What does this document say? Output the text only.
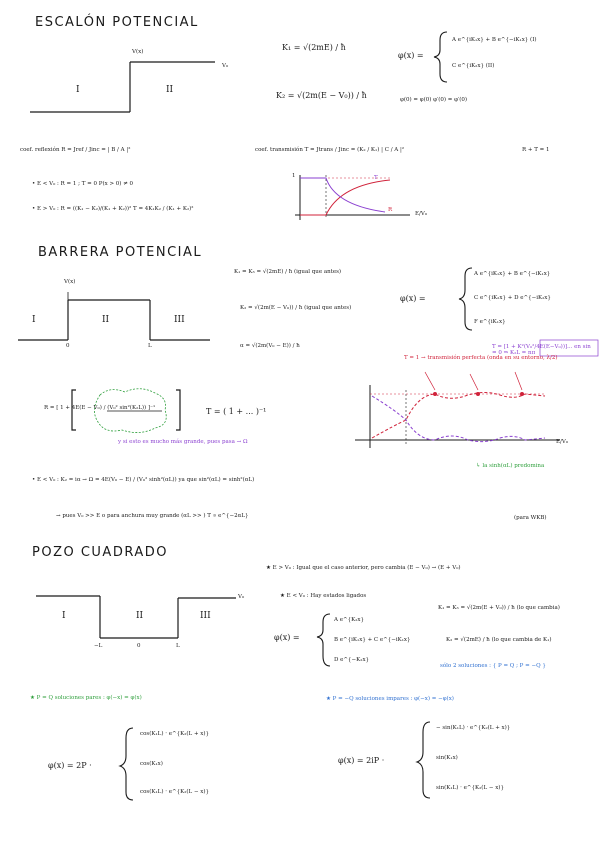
ESCALÓN POTENCIAL
V(x)
I	II
V₀
K₁ = √(2mE) / ħ
K₂ = √(2m(E − V₀)) / ħ
φ(x) =
A e^{iK₁x} + B e^{−iK₁x} (I)
C e^{iK₂x} (II)
φ(0) = φ(0) φ′(0) = φ′(0)
coef. reflexión R = Jref / Jinc = | B / A |²	coef. transmisión T = Jtrans / Jinc = (K₂ / K₁) | C / A |²	R + T = 1
• E < V₀ : R = 1 ; T = 0 P(x > 0) ≠ 0
• E > V₀ : R = ((K₁ − K₂)/(K₁ + K₂))² T = 4K₁K₂ / (K₁ + K₂)²
1
R
T
E/V₀
BARRERA POTENCIAL
V(x)
I	II	III
0	L
K₁ = K₃ = √(2mE) / ħ (igual que antes)
K₂ = √(2m(E − V₀)) / ħ (igual que antes)
α = √(2m(V₀ − E)) / ħ
φ(x) =
A e^{iK₁x} + B e^{−iK₁x}
C e^{iK₂x} + D e^{−iK₂x}
F e^{iK₁x}
R = [ 1 + 4E(E − V₀) / (V₀² sin²(K₂L)) ]⁻¹	T = ( 1 + ... )⁻¹
y si esto es mucho más grande, pues pasa → Ω
T = 1 → transmisión perfecta (onda en su entorno, λ/2)
T = [1 + K²(V₀²/4E(E−V₀))]... en sin = 0 ⇒ K₂L = nπ
E/V₀
• E < V₀ : K₂ = iα → Ω = 4E(V₀ − E) / (V₀² sinh²(αL)) ya que sin²(αL) = sinh²(αL)
↳ la sinh(αL) predomina
→ pues V₀ >> E o para anchura muy grande (αL >> ) T ∝ e^{−2αL}	(para WKB)
POZO CUADRADO
V₀
I	II	III
−L	0	L
★ E > V₀ : Igual que el caso anterior, pero cambia (E − V₀) → (E + V₀)
★ E < V₀ : Hay estados ligados
φ(x) =
A e^{K₂x}
B e^{iK₁x} + C e^{−iK₁x}
D e^{−K₂x}
K₁ = K₃ = √(2m(E + V₀)) / ħ (lo que cambia)
K₂ = √(2mE) / ħ (lo que cambia de K₁)
sólo 2 soluciones : { P = Q ; P = −Q }
★ P = Q soluciones pares : φ(−x) = φ(x)	★ P = −Q soluciones impares : φ(−x) = −φ(x)
φ(x) = 2P ·
cos(K₁L) · e^{K₂(L + x)}
cos(K₁x)
cos(K₁L) · e^{K₂(L − x)}
φ(x) = 2iP ·
− sin(K₁L) · e^{K₂(L + x)}
sin(K₁x)
sin(K₁L) · e^{K₂(L − x)}
